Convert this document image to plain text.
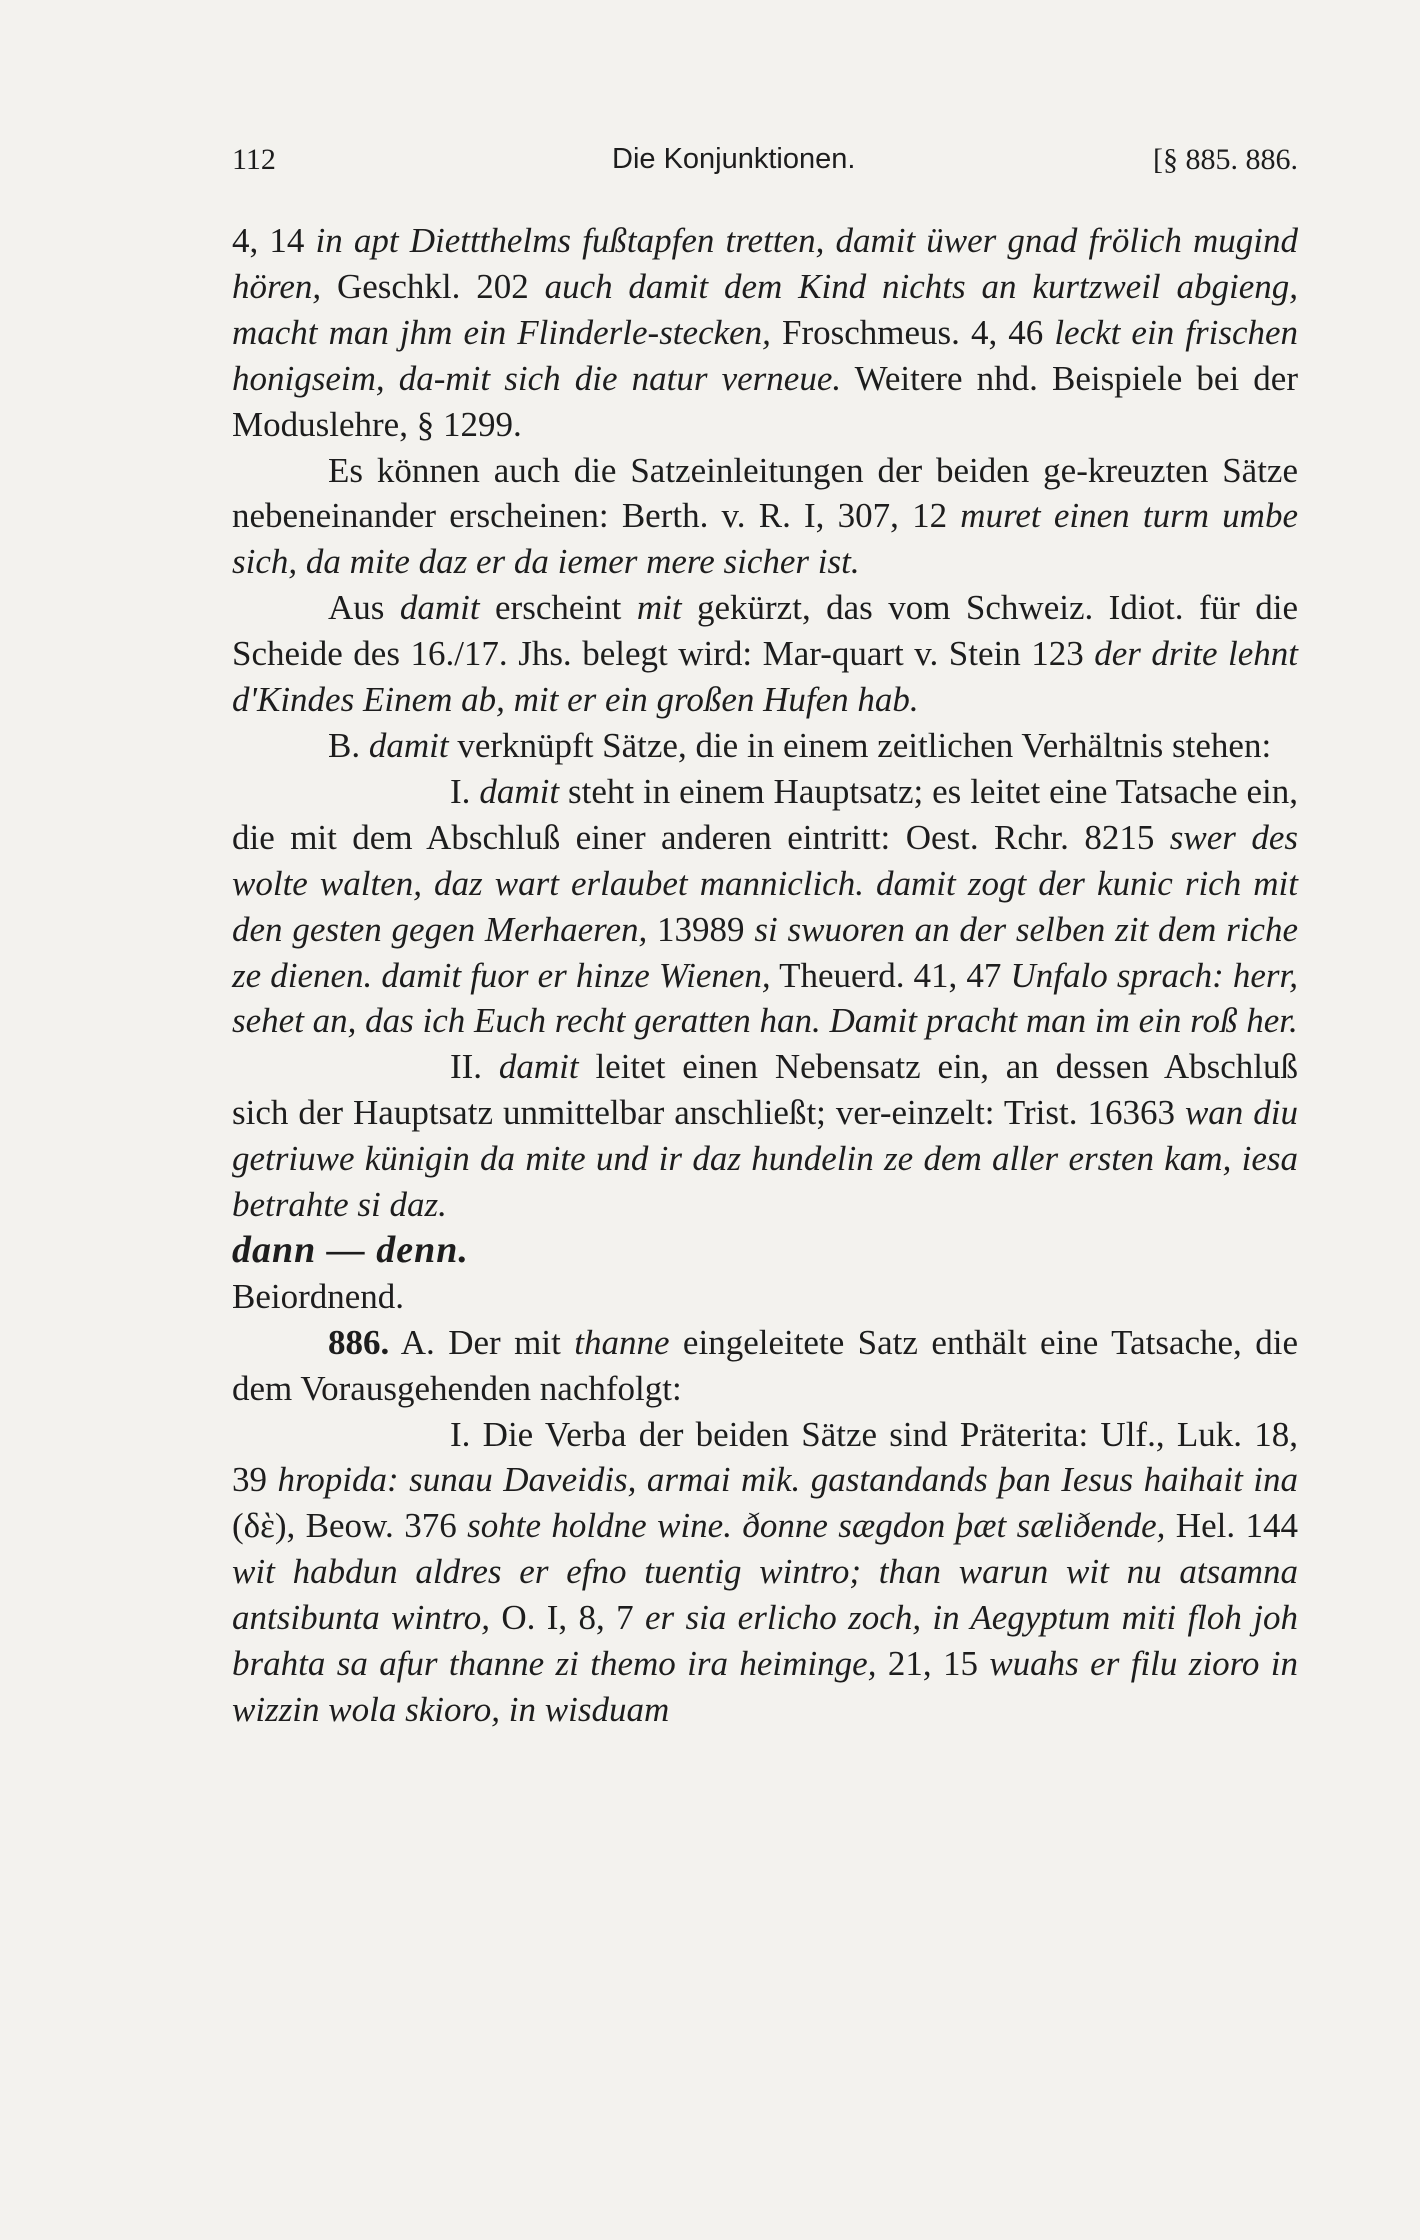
112	Die Konjunktionen.	[§ 885. 886.

4, 14 in apt Diettthelms fußtapfen tretten, damit üwer gnad frölich mugind hören, Geschkl. 202 auch damit dem Kind nichts an kurtzweil abgieng, macht man jhm ein Flinderle-stecken, Froschmeus. 4, 46 leckt ein frischen honigseim, da-mit sich die natur verneue. Weitere nhd. Beispiele bei der Moduslehre, § 1299.

Es können auch die Satzeinleitungen der beiden ge-kreuzten Sätze nebeneinander erscheinen: Berth. v. R. I, 307, 12 muret einen turm umbe sich, da mite daz er da iemer mere sicher ist.

Aus damit erscheint mit gekürzt, das vom Schweiz. Idiot. für die Scheide des 16./17. Jhs. belegt wird: Mar-quart v. Stein 123 der drite lehnt d'Kindes Einem ab, mit er ein großen Hufen hab.

B. damit verknüpft Sätze, die in einem zeitlichen Verhältnis stehen:

I. damit steht in einem Hauptsatz; es leitet eine Tatsache ein, die mit dem Abschluß einer anderen eintritt: Oest. Rchr. 8215 swer des wolte walten, daz wart erlaubet manniclich. damit zogt der kunic rich mit den gesten gegen Merhaeren, 13989 si swuoren an der selben zit dem riche ze dienen. damit fuor er hinze Wienen, Theuerd. 41, 47 Unfalo sprach: herr, sehet an, das ich Euch recht geratten han. Damit pracht man im ein roß her.

II. damit leitet einen Nebensatz ein, an dessen Abschluß sich der Hauptsatz unmittelbar anschließt; ver-einzelt: Trist. 16363 wan diu getriuwe künigin da mite und ir daz hundelin ze dem aller ersten kam, iesa betrahte si daz.

dann — denn.

Beiordnend.

886. A. Der mit thanne eingeleitete Satz enthält eine Tatsache, die dem Vorausgehenden nachfolgt:

I. Die Verba der beiden Sätze sind Präterita: Ulf., Luk. 18, 39 hropida: sunau Daveidis, armai mik. gastandands þan Iesus haihait ina (δὲ), Beow. 376 sohte holdne wine. ðonne sægdon þæt sæliðende, Hel. 144 wit habdun aldres er efno tuentig wintro; than warun wit nu atsamna antsibunta wintro, O. I, 8, 7 er sia erlicho zoch, in Aegyptum miti floh joh brahta sa afur thanne zi themo ira heiminge, 21, 15 wuahs er filu zioro in wizzin wola skioro, in wisduam
